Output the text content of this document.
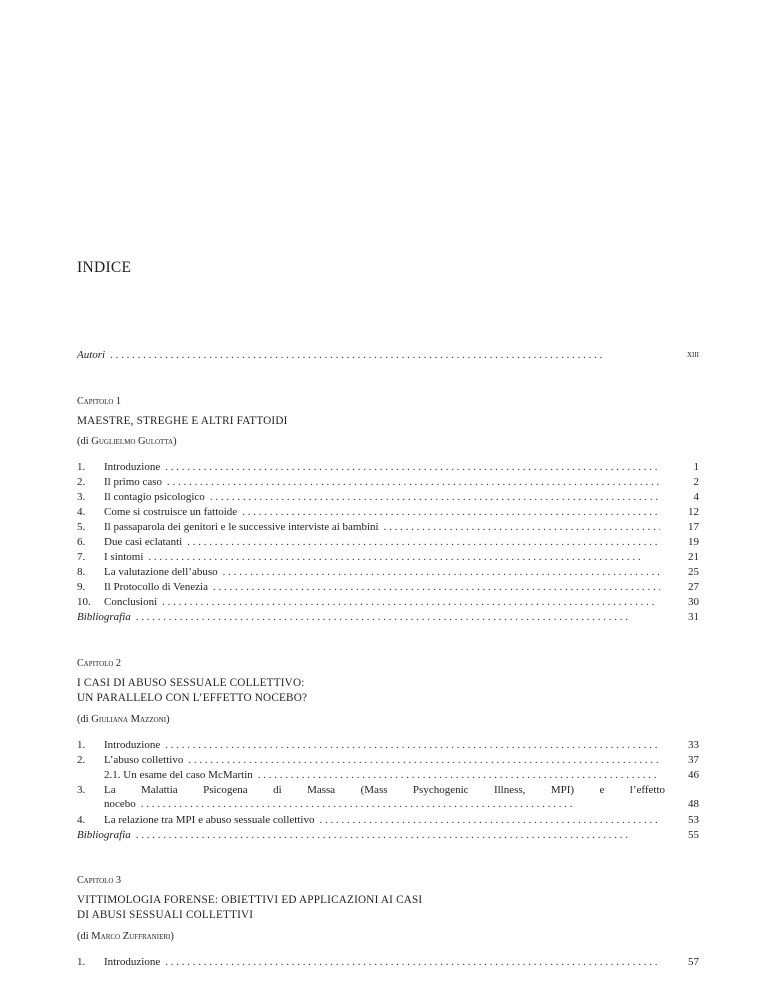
INDICE
Autori . . .	xiii
Capitolo 1
MAESTRE, STREGHE E ALTRI FATTOIDI
(di Guglielmo Gulotta)
1.	Introduzione . . .	1
2.	Il primo caso . . .	2
3.	Il contagio psicologico . . .	4
4.	Come si costruisce un fattoide . . .	12
5.	Il passaparola dei genitori e le successive interviste ai bambini . . .	17
6.	Due casi eclatanti . . .	19
7.	I sintomi . . .	21
8.	La valutazione dell’abuso . . .	25
9.	Il Protocollo di Venezia . . .	27
10.	Conclusioni . . .	30
Bibliografia . . .	31
Capitolo 2
I CASI DI ABUSO SESSUALE COLLETTIVO:
UN PARALLELO CON L’EFFETTO NOCEBO?
(di Giuliana Mazzoni)
1.	Introduzione . . .	33
2.	L’abuso collettivo . . .	37
2.1. Un esame del caso McMartin . . .	46
3. La Malattia Psicogena di Massa (Mass Psychogenic Illness, MPI) e l’effetto
nocebo . . .	48
4.	La relazione tra MPI e abuso sessuale collettivo . . .	53
Bibliografia . . .	55
Capitolo 3
VITTIMOLOGIA FORENSE: OBIETTIVI ED APPLICAZIONI AI CASI
DI ABUSI SESSUALI COLLETTIVI
(di Marco Zuffranieri)
1.	Introduzione . . .	57
